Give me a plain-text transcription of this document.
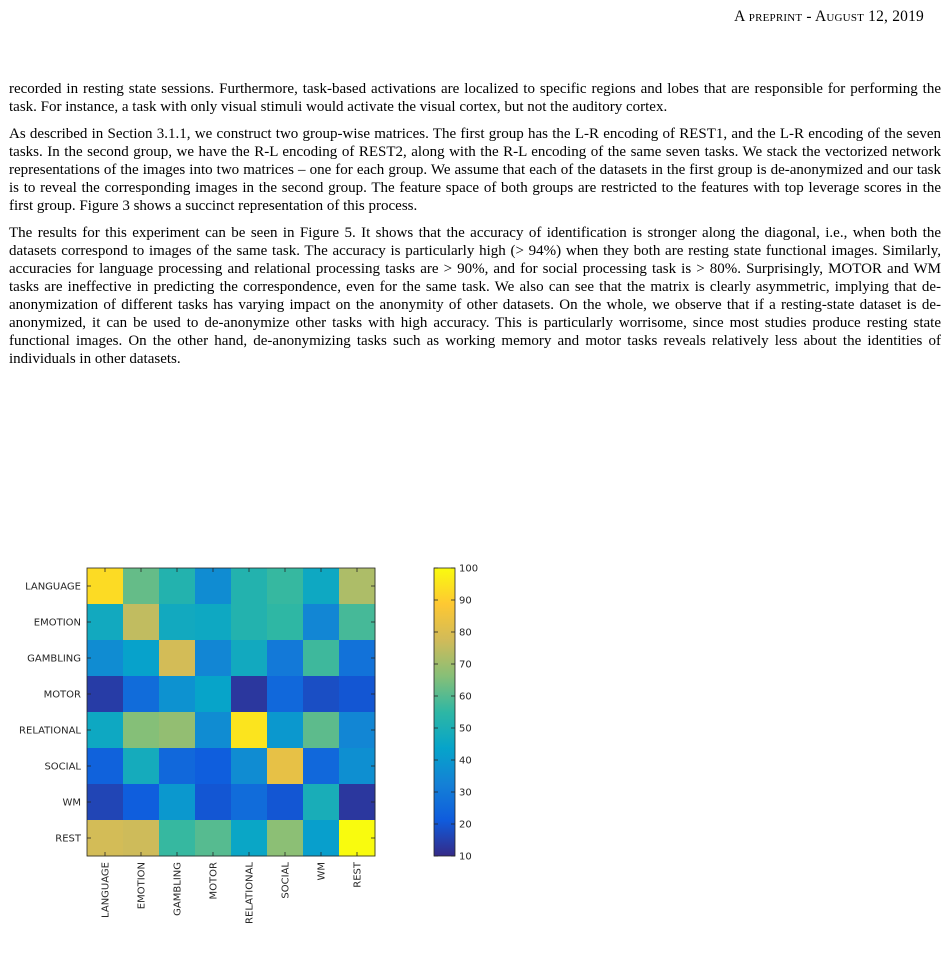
A preprint - August 12, 2019

recorded in resting state sessions. Furthermore, task-based activations are localized to specific regions and lobes that are responsible for performing the task. For instance, a task with only visual stimuli would activate the visual cortex, but not the auditory cortex.

As described in Section 3.1.1, we construct two group-wise matrices. The first group has the L-R encoding of REST1, and the L-R encoding of the seven tasks. In the second group, we have the R-L encoding of REST2, along with the R-L encoding of the same seven tasks. We stack the vectorized network representations of the images into two matrices – one for each group. We assume that each of the datasets in the first group is de-anonymized and our task is to reveal the corresponding images in the second group. The feature space of both groups are restricted to the features with top leverage scores in the first group. Figure 3 shows a succinct representation of this process.

The results for this experiment can be seen in Figure 5. It shows that the accuracy of identification is stronger along the diagonal, i.e., when both the datasets correspond to images of the same task. The accuracy is particularly high (> 94%) when they both are resting state functional images. Similarly, accuracies for language processing and relational processing tasks are > 90%, and for social processing task is > 80%. Surprisingly, MOTOR and WM tasks are ineffective in predicting the correspondence, even for the same task. We also can see that the matrix is clearly asymmetric, implying that de-anonymization of different tasks has varying impact on the anonymity of other datasets. On the whole, we observe that if a resting-state dataset is de-anonymized, it can be used to de-anonymize other tasks with high accuracy. This is particularly worrisome, since most studies produce resting state functional images. On the other hand, de-anonymizing tasks such as working memory and motor tasks reveals relatively less about the identities of individuals in other datasets.

LANGUAGE
EMOTION
GAMBLING
MOTOR
RELATIONAL
SOCIAL
WM
REST
LANGUAGE	EMOTION	GAMBLING	MOTOR	RELATIONAL	SOCIAL	WM	REST
100
90
80
70
60
50
40
30
20
10
